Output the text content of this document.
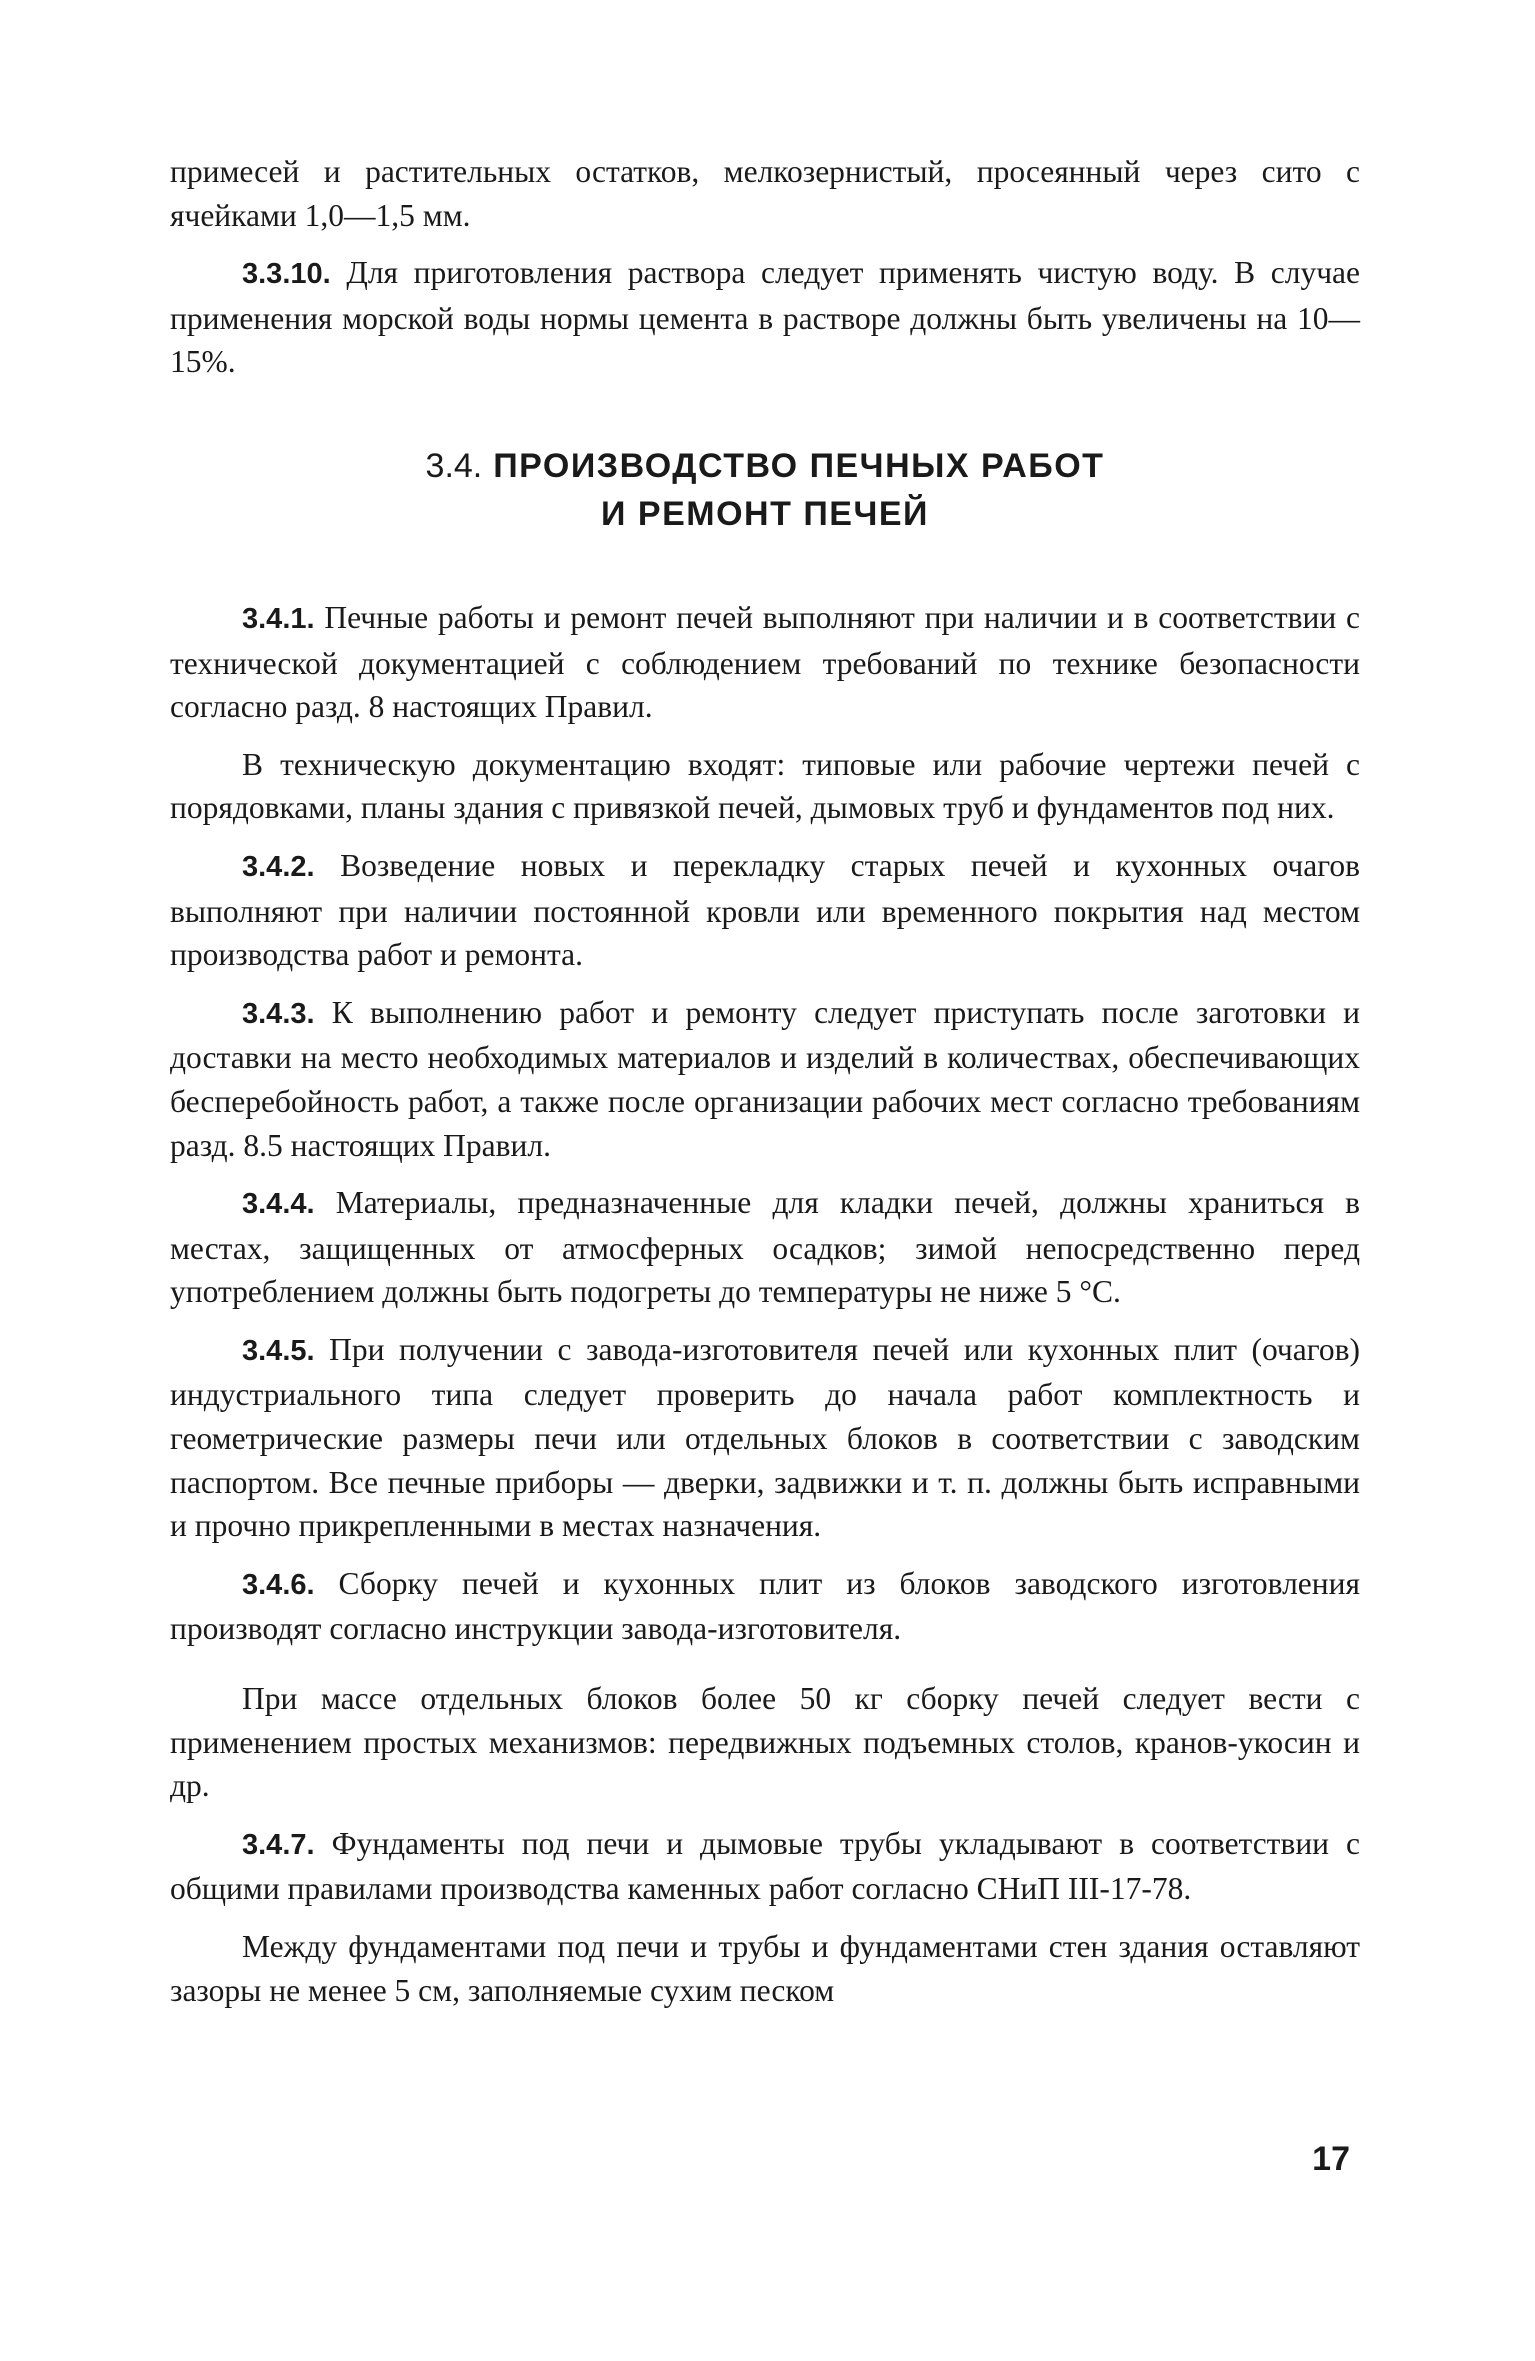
примесей и растительных остатков, мелкозернистый, просеянный через сито с ячейками 1,0—1,5 мм.

3.3.10. Для приготовления раствора следует применять чистую воду. В случае применения морской воды нормы цемента в растворе должны быть увеличены на 10—15%.

3.4. ПРОИЗВОДСТВО ПЕЧНЫХ РАБОТ
И РЕМОНТ ПЕЧЕЙ

3.4.1. Печные работы и ремонт печей выполняют при наличии и в соответствии с технической документацией с соблюдением требований по технике безопасности согласно разд. 8 настоящих Правил.

В техническую документацию входят: типовые или рабочие чертежи печей с порядовками, планы здания с привязкой печей, дымовых труб и фундаментов под них.

3.4.2. Возведение новых и перекладку старых печей и кухонных очагов выполняют при наличии постоянной кровли или временного покрытия над местом производства работ и ремонта.

3.4.3. К выполнению работ и ремонту следует приступать после заготовки и доставки на место необходимых материалов и изделий в количествах, обеспечивающих бесперебойность работ, а также после организации рабочих мест согласно требованиям разд. 8.5 настоящих Правил.

3.4.4. Материалы, предназначенные для кладки печей, должны храниться в местах, защищенных от атмосферных осадков; зимой непосредственно перед употреблением должны быть подогреты до температуры не ниже 5 °С.

3.4.5. При получении с завода-изготовителя печей или кухонных плит (очагов) индустриального типа следует проверить до начала работ комплектность и геометрические размеры печи или отдельных блоков в соответствии с заводским паспортом. Все печные приборы — дверки, задвижки и т. п. должны быть исправными и прочно прикрепленными в местах назначения.

3.4.6. Сборку печей и кухонных плит из блоков заводского изготовления производят согласно инструкции завода-изготовителя.

При массе отдельных блоков более 50 кг сборку печей следует вести с применением простых механизмов: передвижных подъемных столов, кранов-укосин и др.

3.4.7. Фундаменты под печи и дымовые трубы укладывают в соответствии с общими правилами производства каменных работ согласно СНиП III-17-78.

Между фундаментами под печи и трубы и фундаментами стен здания оставляют зазоры не менее 5 см, заполняемые сухим песком

17
